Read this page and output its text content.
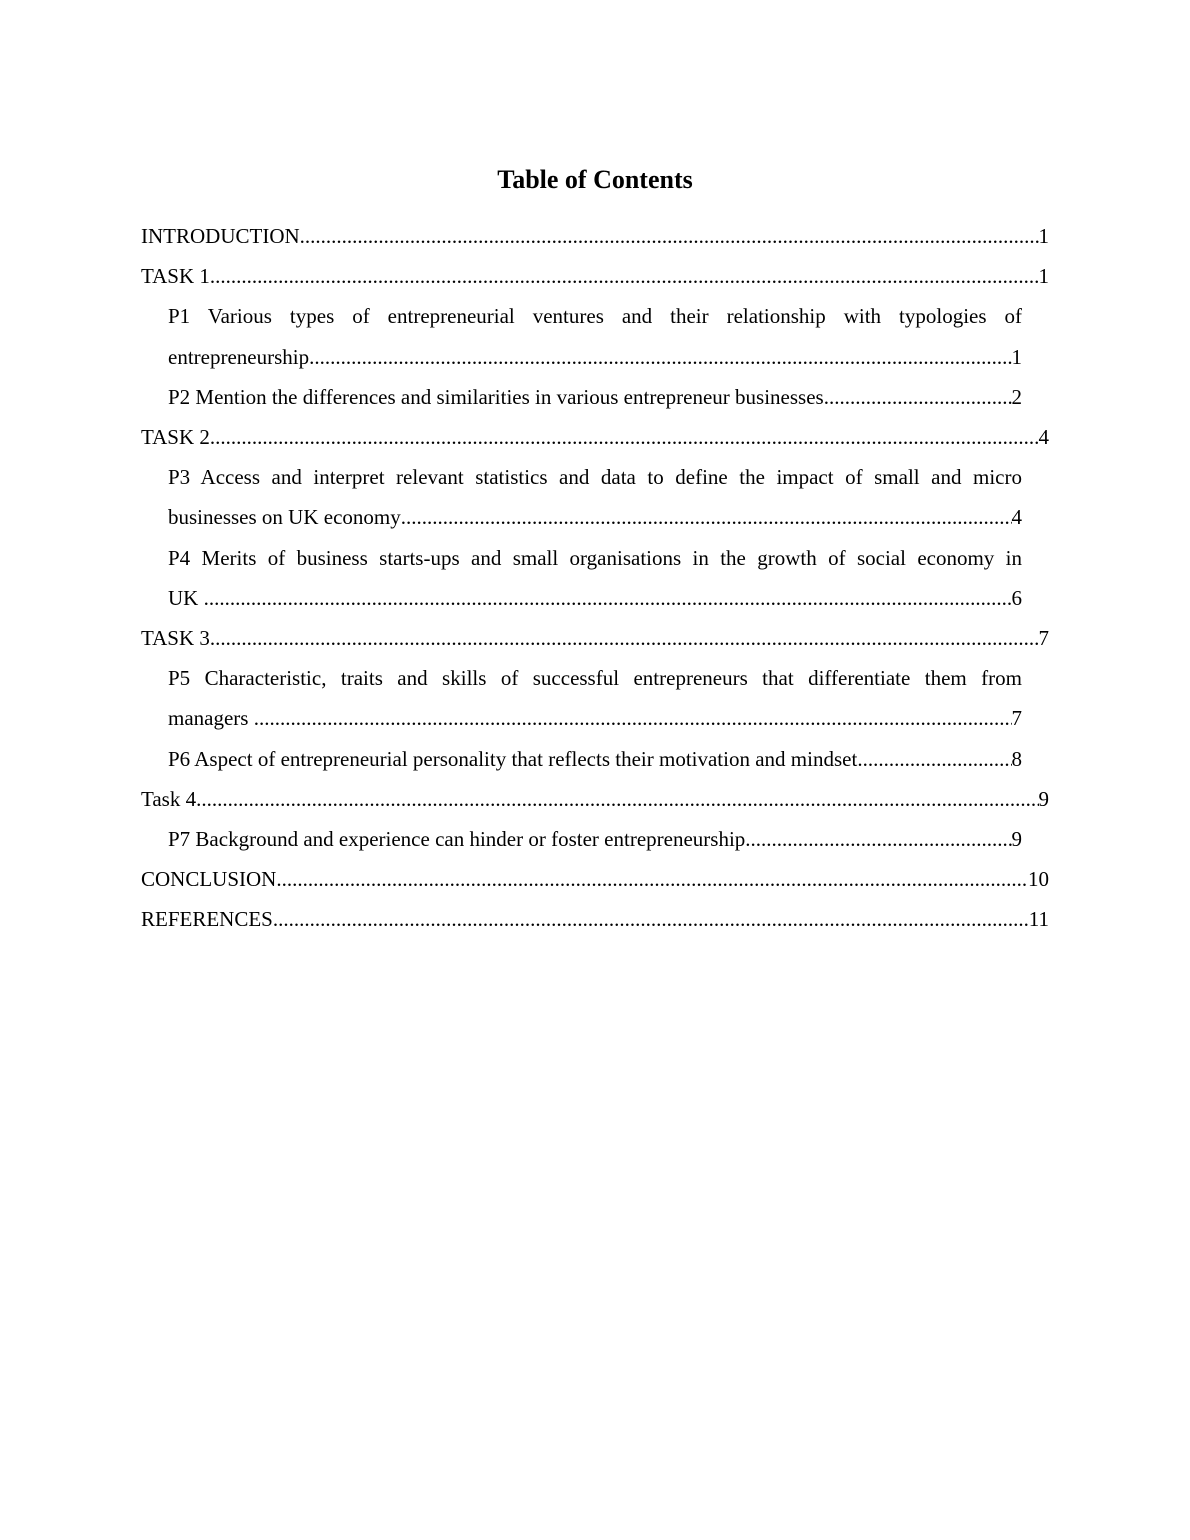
Table of Contents
INTRODUCTION .....	1
TASK 1 .....	1
P1 Various types of entrepreneurial ventures and their relationship with typologies of
entrepreneurship .....	1
P2 Mention the differences and similarities in various entrepreneur businesses .....	2
TASK 2 .....	4
P3 Access and interpret relevant statistics and data to define the impact of small and micro
businesses on UK economy .....	4
P4 Merits of business starts-ups and small organisations in the growth of social economy in
UK .....	6
TASK 3 .....	7
P5 Characteristic, traits and skills of successful entrepreneurs that differentiate them from
managers .....	7
P6 Aspect of entrepreneurial personality that reflects their motivation and mindset .....	8
Task 4 .....	9
P7 Background and experience can hinder or foster entrepreneurship .....	9
CONCLUSION .....	10
REFERENCES .....	11
